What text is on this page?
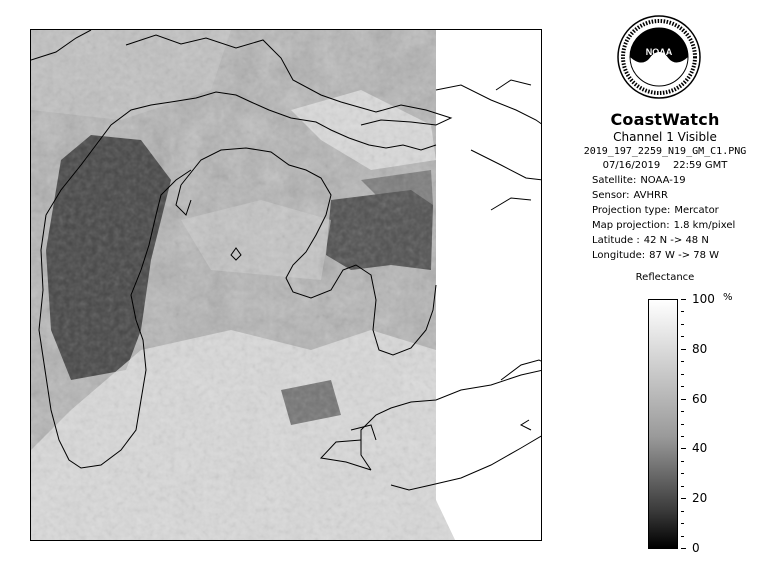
NOAA
CoastWatch
Channel 1 Visible
2019_197_2259_N19_GM_C1.PNG
07/16/2019 22:59 GMT
Satellite: NOAA-19
Sensor: AVHRR
Projection type: Mercator
Map projection: 1.8 km/pixel
Latitude : 42 N -> 48 N
Longitude: 87 W -> 78 W
Reflectance
%
100
80
60
40
20
0
